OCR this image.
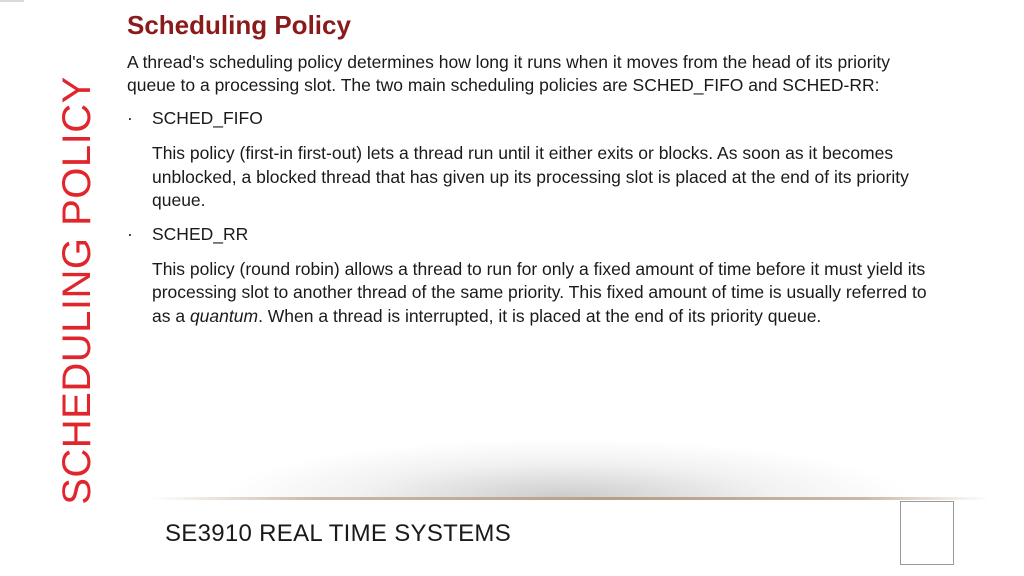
SCHEDULING POLICY
Scheduling Policy

A thread's scheduling policy determines how long it runs when it moves from the head of its priority queue to a processing slot. The two main scheduling policies are SCHED_FIFO and SCHED-RR:

·	SCHED_FIFO

This policy (first-in first-out) lets a thread run until it either exits or blocks. As soon as it becomes unblocked, a blocked thread that has given up its processing slot is placed at the end of its priority queue.

·	SCHED_RR

This policy (round robin) allows a thread to run for only a fixed amount of time before it must yield its processing slot to another thread of the same priority. This fixed amount of time is usually referred to as a quantum. When a thread is interrupted, it is placed at the end of its priority queue.

SE3910 REAL TIME SYSTEMS
